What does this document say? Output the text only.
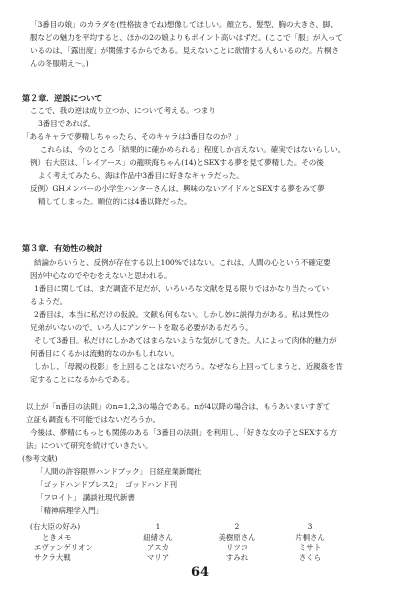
「3番目の娘」のカラダを(性格抜きでね)想像してほしい。顔立ち、髪型、胸の大きさ、脚、
服などの魅力を平均すると、ほかの2の娘よりもポイント高いはずだ。(ここで「服」が入って
いるのは、「露出度」が関係するからである。見えないことに欲情する人もいるのだ。片桐さ
んの冬服萌え〜。)
第２章．逆説について
ここで、我の逆は成り立つか、について考える。つまり
3番目であれば、
「あるキャラで夢精しちゃったら、そのキャラは3番目なのか？」
これらは、今のところ「結果的に確かめられる」程度しか言えない。確実ではないらしい。
例）右大臣は、「レイアース」の龍咲海ちゃん(14)とSEXする夢を見て夢精した。その後
よく考えてみたら、海は作品中3番目に好きなキャラだった。
反例）GHメンバーの小学生ハンターさんは、興味のないアイドルとSEXする夢をみて夢
精してしまった。順位的には4番以降だった。
第３章．有効性の検討
結論からいうと、反例が存在する以上100%ではない。これは、人間の心という不確定要
因が中心なのでやむをえないと思われる。
1番目に関しては、まだ調査不足だが、いろいろな文献を見る限りではかなり当たってい
るようだ。
2番目は、本当に私だけの仮説。文献も何もない。しかし妙に説得力がある。私は異性の
兄弟がいないので、いろ人にアンケートを取る必要があるだろう。
そして3番目。私だけにしかあてはまらないような気がしてきた。人によって肉体的魅力が
何番目にくるかは流動的なのかもしれない。
しかし、「母親の投影」を上回ることはないだろう。なぜなら上回ってしまうと、近親姦を肯
定することになるからである。
以上が「n番目の法則」のn=1,2,3の場合である。nが4以降の場合は、もうあいまいすぎて
立証も調査も不可能ではないだろうか。
今後は、夢精にもっとも関係のある「3番目の法則」を利用し、「好きな女の子とSEXする方
法」について研究を続けていきたい。
(参考文献)
「人間の許容限界ハンドブック」 日経産業新聞社
「ゴッドハンドプレス2」　ゴッドハンド刊
「フロイト」 講談社現代新書
「精神病理学入門」
(右大臣の好み)	1	2	3
ときメモ	紐緒さん	美樹原さん	片桐さん
エヴァンゲリオン	アスカ	リツコ	ミサト
サクラ大戦	マリア	すみれ	さくら
64
